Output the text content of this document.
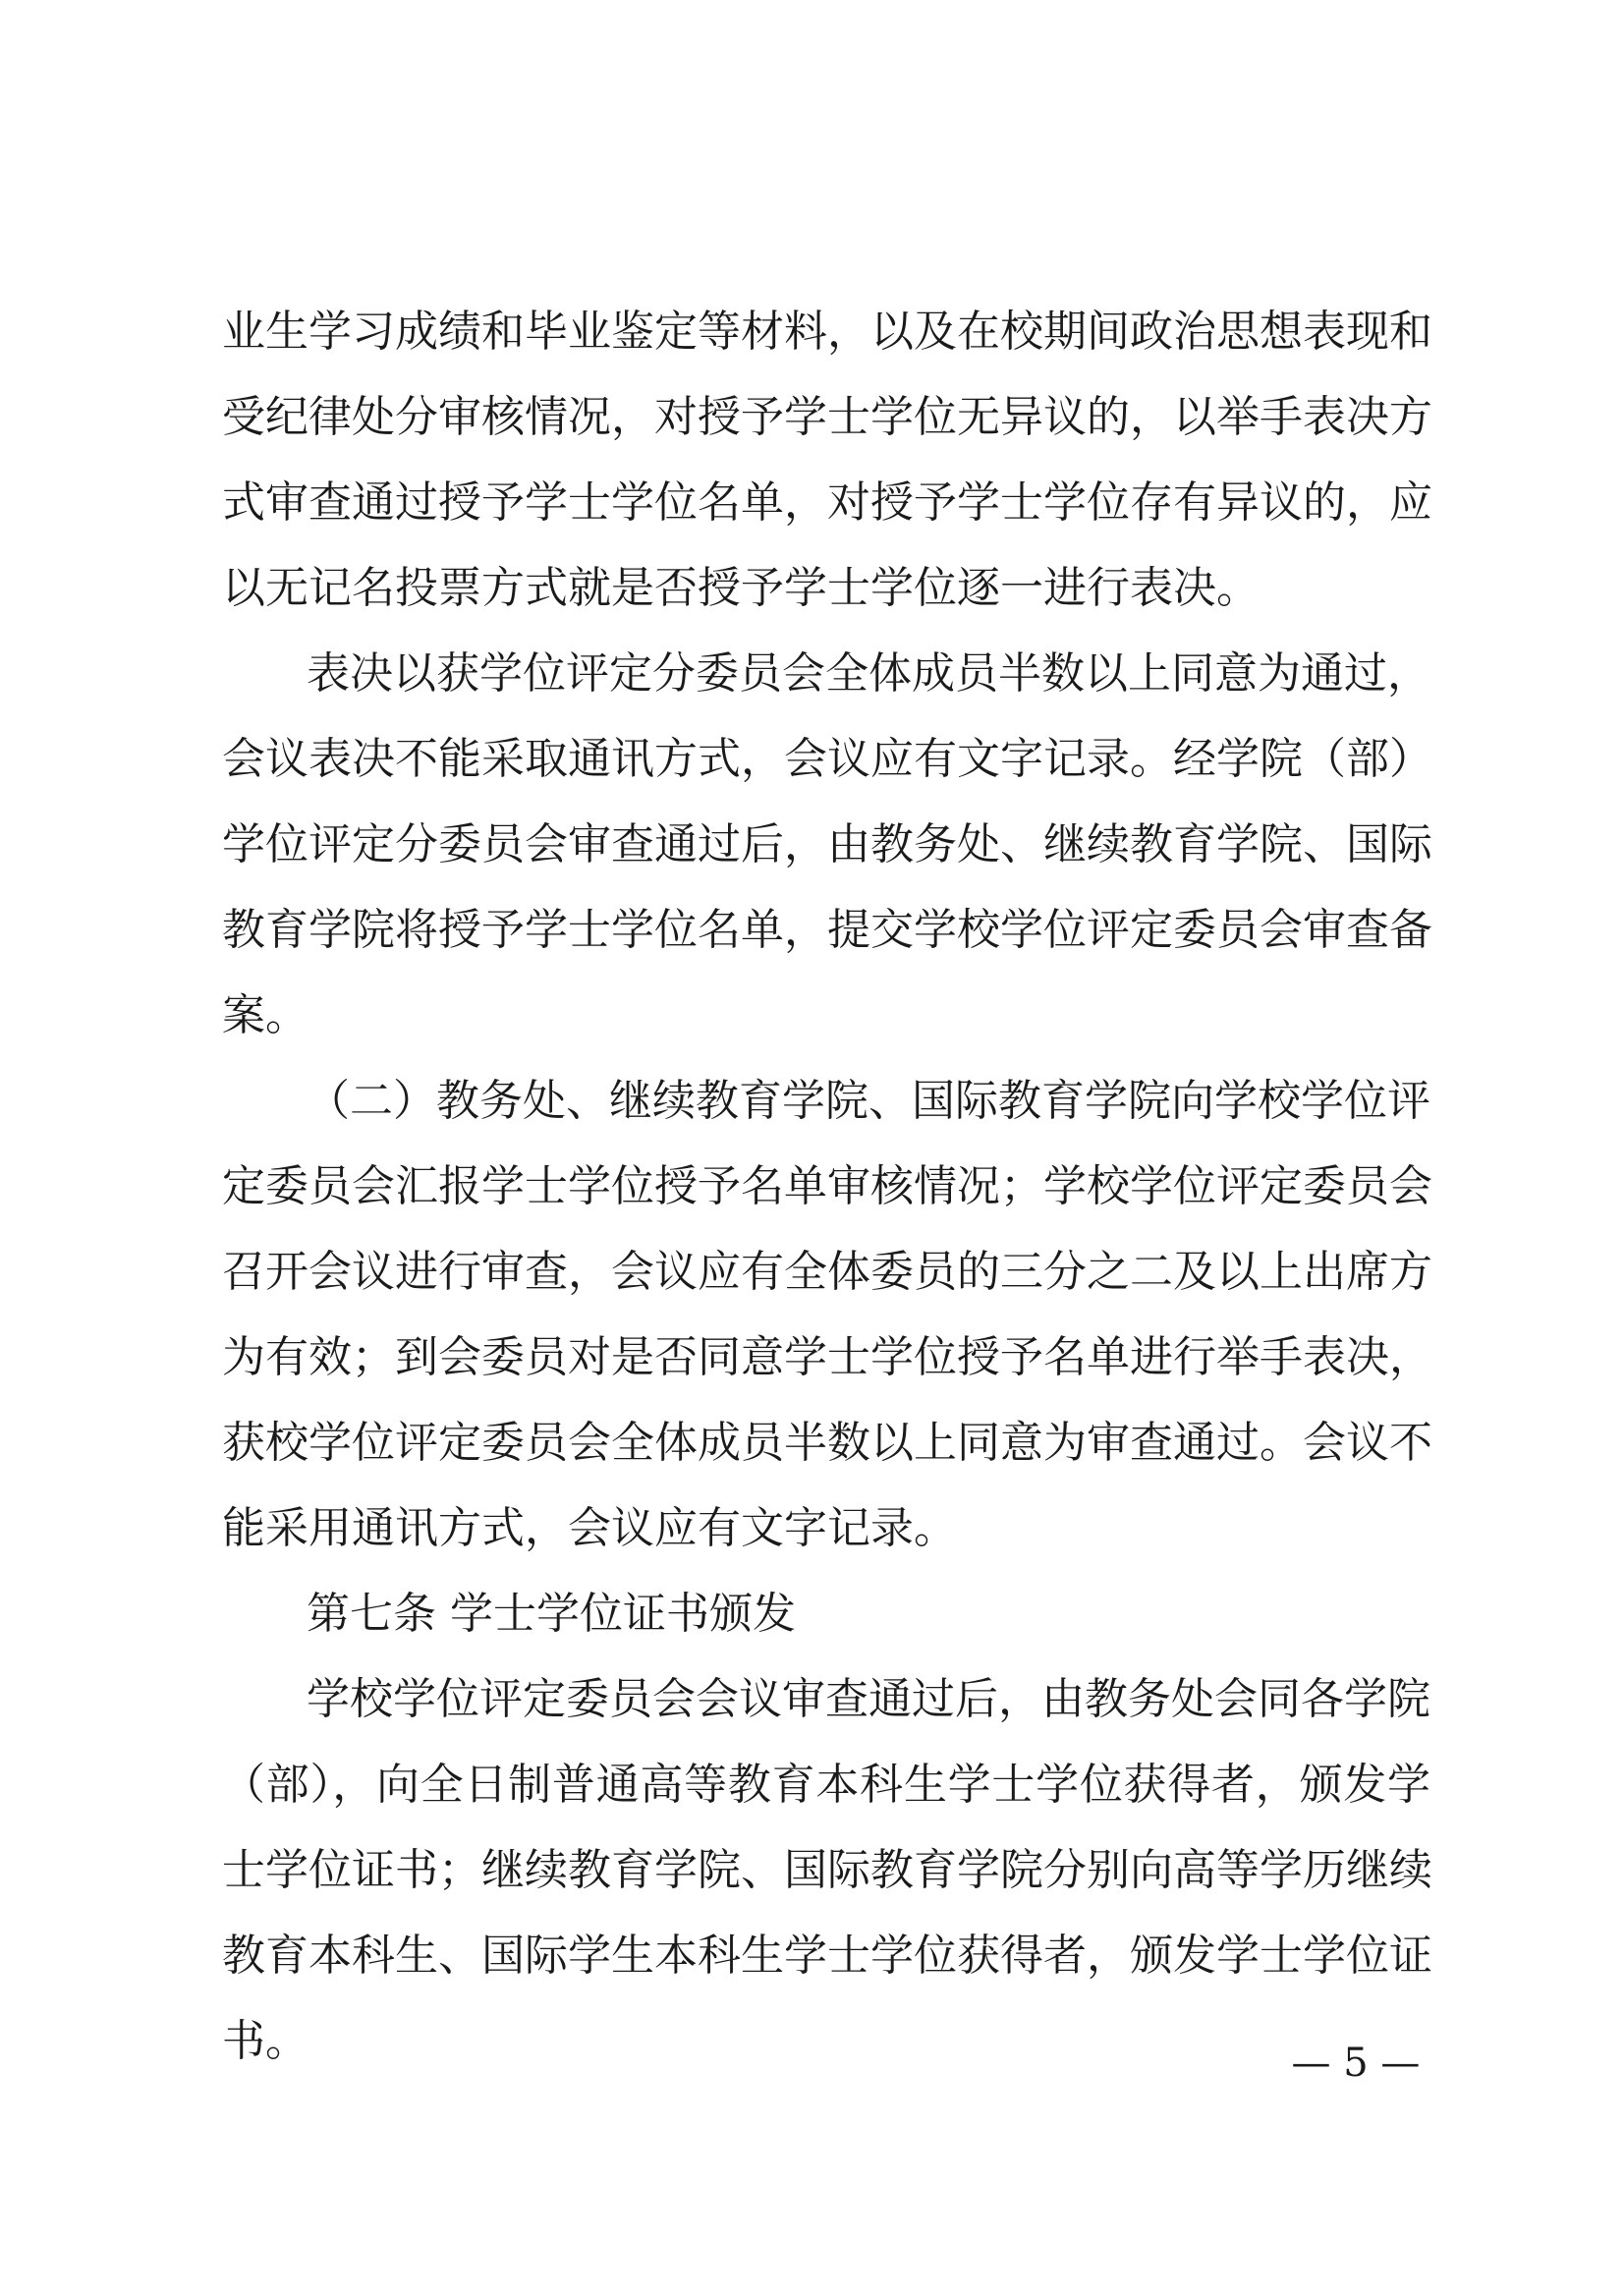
业生学习成绩和毕业鉴定等材料，以及在校期间政治思想表现和
受纪律处分审核情况，对授予学士学位无异议的，以举手表决方
式审查通过授予学士学位名单，对授予学士学位存有异议的，应
以无记名投票方式就是否授予学士学位逐一进行表决。
表决以获学位评定分委员会全体成员半数以上同意为通过，
会议表决不能采取通讯方式，会议应有文字记录。经学院（部）
学位评定分委员会审查通过后，由教务处、继续教育学院、国际
教育学院将授予学士学位名单，提交学校学位评定委员会审查备
案。
（二）教务处、继续教育学院、国际教育学院向学校学位评
定委员会汇报学士学位授予名单审核情况；学校学位评定委员会
召开会议进行审查，会议应有全体委员的三分之二及以上出席方
为有效；到会委员对是否同意学士学位授予名单进行举手表决，
获校学位评定委员会全体成员半数以上同意为审查通过。会议不
能采用通讯方式，会议应有文字记录。
第七条 学士学位证书颁发
学校学位评定委员会会议审查通过后，由教务处会同各学院
（部），向全日制普通高等教育本科生学士学位获得者，颁发学
士学位证书；继续教育学院、国际教育学院分别向高等学历继续
教育本科生、国际学生本科生学士学位获得者，颁发学士学位证
书。	— 5 —
